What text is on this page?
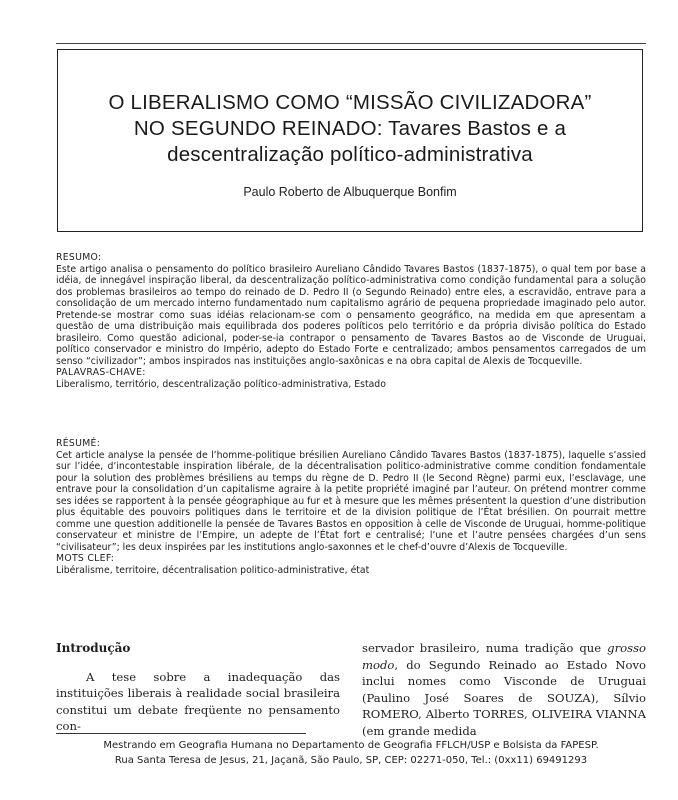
O LIBERALISMO COMO “MISSÃO CIVILIZADORA”
NO SEGUNDO REINADO: Tavares Bastos e a
descentralização político-administrativa
Paulo Roberto de Albuquerque Bonfim
RESUMO:

Este artigo analisa o pensamento do político brasileiro Aureliano Cândido Tavares Bastos (1837-1875), o qual tem por base a idéia, de innegável inspiração liberal, da descentralização político-administrativa como condição fundamental para a solução dos problemas brasileiros ao tempo do reinado de D. Pedro II (o Segundo Reinado) entre eles, a escravidão, entrave para a consolidação de um mercado interno fundamentado num capitalismo agrário de pequena propriedade imaginado pelo autor. Pretende-se mostrar como suas idéias relacionam-se com o pensamento geográfico, na medida em que apresentam a questão de uma distribuição mais equilibrada dos poderes políticos pelo território e da própria divisão política do Estado brasileiro. Como questão adicional, poder-se-ia contrapor o pensamento de Tavares Bastos ao de Visconde de Uruguai, político conservador e ministro do Império, adepto do Estado Forte e centralizado; ambos pensamentos carregados de um senso “civilizador”; ambos inspirados nas instituições anglo-saxônicas e na obra capital de Alexis de Tocqueville.

PALAVRAS-CHAVE:

Liberalismo, território, descentralização político-administrativa, Estado

RÉSUMÉ:

Cet article analyse la pensée de l’homme-politique brésilien Aureliano Cândido Tavares Bastos (1837-1875), laquelle s’assied sur l’idée, d’incontestable inspiration libérale, de la décentralisation politico-administrative comme condition fondamentale pour la solution des problèmes brésiliens au temps du règne de D. Pedro II (le Second Règne) parmi eux, l’esclavage, une entrave pour la consolidation d’un capitalisme agraire à la petite propriété imaginé par l’auteur. On prétend montrer comme ses idées se rapportent à la pensée géographique au fur et à mesure que les mêmes présentent la question d’une distribution plus équitable des pouvoirs politiques dans le territoire et de la division politique de l’État brésilien. On pourrait mettre comme une question additionelle la pensée de Tavares Bastos en opposition à celle de Visconde de Uruguai, homme-politique conservateur et ministre de l’Empire, un adepte de l’État fort e centralisé; l’une et l’autre pensées chargées d’un sens “civilisateur”; les deux inspirées par les institutions anglo-saxonnes et le chef-d’ouvre d’Alexis de Tocqueville.

MOTS CLEF:

Libéralisme, territoire, décentralisation politico-administrative, état

Introdução

A tese sobre a inadequação das instituições liberais à realidade social brasileira constitui um debate freqüente no pensamento con-

servador brasileiro, numa tradição que grosso modo, do Segundo Reinado ao Estado Novo inclui nomes como Visconde de Uruguai (Paulino José Soares de SOUZA), Sílvio ROMERO, Alberto TORRES, OLIVEIRA VIANNA (em grande medida

Mestrando em Geografia Humana no Departamento de Geografia FFLCH/USP e Bolsista da FAPESP.
Rua Santa Teresa de Jesus, 21, Jaçanã, São Paulo, SP, CEP: 02271-050, Tel.: (0xx11) 69491293
